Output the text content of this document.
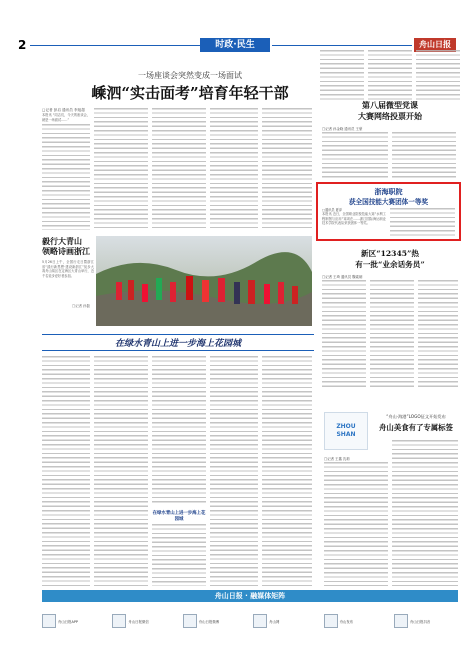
2	时政·民生	舟山日报
一场座谈会突然变成一场面试
嵊泗“实击面考”培育年轻干部
□记者 彭启 通讯员 李旭超
本报讯 “同志们，今天的座谈会，就是一场面试……”
毅行大青山
领略诗画浙江
5月26日上午，全国行走日暨浙江省“践行新思想·建设新浙江”徒步大赛舟山赛区在定海区大青山举行，近千名徒步爱好者参加。
□记者 孙磊
第八届微型党课
大赛网络投票开始
□记者 孙金晓 通讯员 王豪
浙海职院
获全国技能大赛团体一等奖
□通讯员 夏泽
本报讯 近日，全国职业院校技能大赛“水利工程制图与应用”赛项在……浙江国际海运职业技术学院代表队荣获团体一等奖。
新区“12345”热
有一批“业余话务员”
□记者 王琦 通讯员 魏素朝
在绿水青山上进一步海上花园城
在绿水青山上进一步海上花园城
ZHOU SHAN
“舟山·海港”LOGO征文开始发布
舟山美食有了专属标签
□记者 王鑫 沈莉
舟山日报 · 融媒体矩阵
舟山日报APP	舟山日报微信	舟山日报微博	舟山网	舟山发布	舟山日报抖音
